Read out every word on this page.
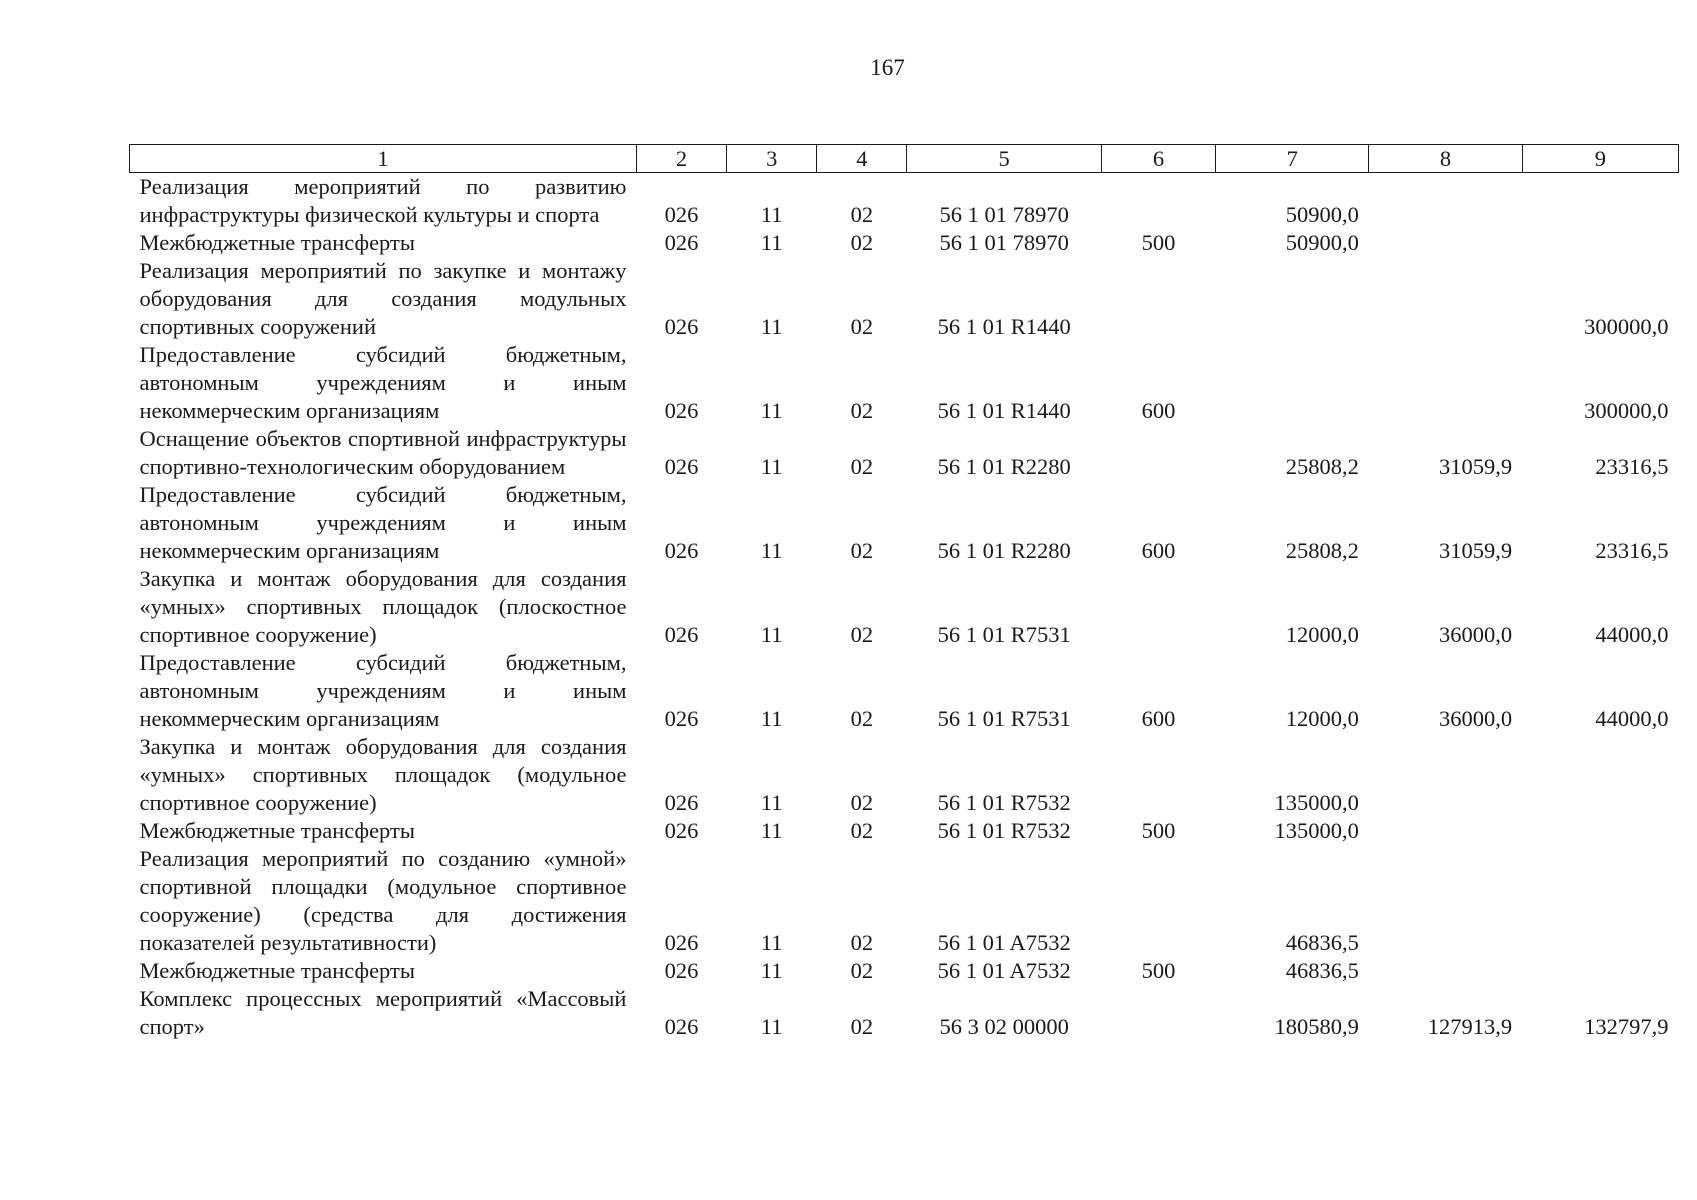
167
1	2	3	4	5	6	7	8	9
Реализация мероприятий по развитию инфраструктуры физической культуры и спорта	026	11	02	56 1 01 78970		50900,0		
Межбюджетные трансферты	026	11	02	56 1 01 78970	500	50900,0		
Реализация мероприятий по закупке и монтажу оборудования для создания модульных спортивных сооружений	026	11	02	56 1 01 R1440				300000,0
Предоставление субсидий бюджетным, автономным учреждениям и иным некоммерческим организациям	026	11	02	56 1 01 R1440	600			300000,0
Оснащение объектов спортивной инфраструктуры спортивно-технологическим оборудованием	026	11	02	56 1 01 R2280		25808,2	31059,9	23316,5
Предоставление субсидий бюджетным, автономным учреждениям и иным некоммерческим организациям	026	11	02	56 1 01 R2280	600	25808,2	31059,9	23316,5
Закупка и монтаж оборудования для создания «умных» спортивных площадок (плоскостное спортивное сооружение)	026	11	02	56 1 01 R7531		12000,0	36000,0	44000,0
Предоставление субсидий бюджетным, автономным учреждениям и иным некоммерческим организациям	026	11	02	56 1 01 R7531	600	12000,0	36000,0	44000,0
Закупка и монтаж оборудования для создания «умных» спортивных площадок (модульное спортивное сооружение)	026	11	02	56 1 01 R7532		135000,0		
Межбюджетные трансферты	026	11	02	56 1 01 R7532	500	135000,0		
Реализация мероприятий по созданию «умной» спортивной площадки (модульное спортивное сооружение) (средства для достижения показателей результативности)	026	11	02	56 1 01 A7532		46836,5		
Межбюджетные трансферты	026	11	02	56 1 01 A7532	500	46836,5		
Комплекс процессных мероприятий «Массовый спорт»	026	11	02	56 3 02 00000		180580,9	127913,9	132797,9
